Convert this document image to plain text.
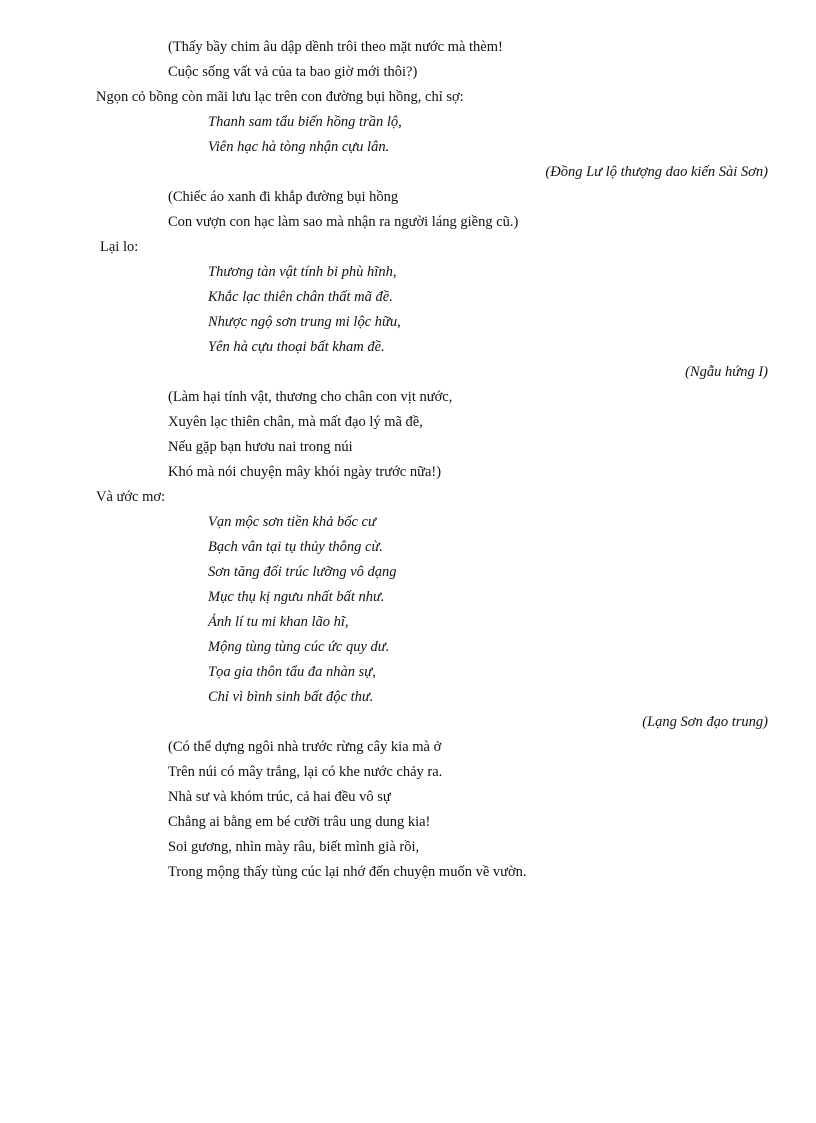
(Thấy bầy chim âu dập dềnh trôi theo mặt nước mà thèm!
Cuộc sống vất vả của ta bao giờ mới thôi?)
Ngọn cỏ bồng còn mãi lưu lạc trên con đường bụi hồng, chỉ sợ:
Thanh sam tẩu biến hồng trần lộ,
Viên hạc hà tòng nhận cựu lân.
(Đồng Lư lộ thượng dao kiến Sài Sơn)
(Chiếc áo xanh đi khắp đường bụi hồng
Con vượn con hạc làm sao mà nhận ra người láng giềng cũ.)
Lại lo:
Thương tàn vật tính bi phù hĩnh,
Khắc lạc thiên chân thất mã đề.
Nhược ngộ sơn trung mi lộc hữu,
Yên hà cựu thoại bất kham đề.
(Ngẫu hứng I)
(Làm hại tính vật, thương cho chân con vịt nước,
Xuyên lạc thiên chân, mà mất đạo lý mã đề,
Nếu gặp bạn hươu nai trong núi
Khó mà nói chuyện mây khói ngày trước nữa!)
Và ước mơ:
Vạn mộc sơn tiền khả bốc cư
Bạch vân tại tụ thủy thông cừ.
Sơn tăng đối trúc lưỡng vô dạng
Mục thụ kị ngưu nhất bất như.
Ảnh lí tu mi khan lão hĩ,
Mộng tùng tùng cúc ức quy dư.
Tọa gia thôn tẩu đa nhàn sự,
Chỉ vì bình sinh bất độc thư.
(Lạng Sơn đạo trung)
(Có thể dựng ngôi nhà trước rừng cây kia mà ở
Trên núi có mây trắng, lại có khe nước chảy ra.
Nhà sư và khóm trúc, cả hai đều vô sự
Chẳng ai bằng em bé cưỡi trâu ung dung kia!
Soi gương, nhìn mày râu, biết mình già rồi,
Trong mộng thấy tùng cúc lại nhớ đến chuyện muốn về vườn.
